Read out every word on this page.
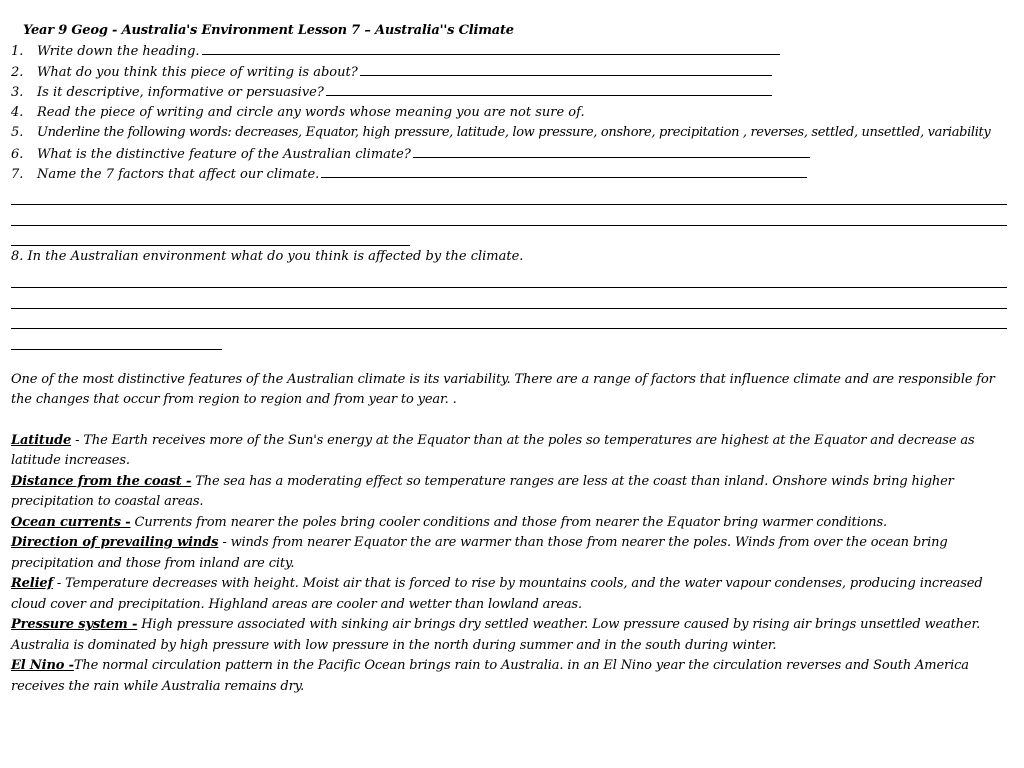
Year 9 Geog - Australia's Environment Lesson 7 – Australia''s Climate
1.	Write down the heading.
2.	What do you think this piece of writing is about?
3.	Is it descriptive, informative or persuasive?
4.	Read the piece of writing and circle any words whose meaning you are not sure of.
5.	Underline the following words: decreases, Equator, high pressure, latitude, low pressure, onshore, precipitation , reverses, settled, unsettled, variability
6.	What is the distinctive feature of the Australian climate?
7.	Name the 7 factors that affect our climate.
8. In the Australian environment what do you think is affected by the climate.

One of the most distinctive features of the Australian climate is its variability. There are a range of factors that influence climate and are responsible for the changes that occur from region to region and from year to year. .

Latitude - The Earth receives more of the Sun's energy at the Equator than at the poles so temperatures are highest at the Equator and decrease as latitude increases.

Distance from the coast - The sea has a moderating effect so temperature ranges are less at the coast than inland. Onshore winds bring higher precipitation to coastal areas.

Ocean currents - Currents from nearer the poles bring cooler conditions and those from nearer the Equator bring warmer conditions.

Direction of prevailing winds - winds from nearer Equator the are warmer than those from nearer the poles. Winds from over the ocean bring precipitation and those from inland are city.

Relief - Temperature decreases with height. Moist air that is forced to rise by mountains cools, and the water vapour condenses, producing increased cloud cover and precipitation. Highland areas are cooler and wetter than lowland areas.

Pressure system - High pressure associated with sinking air brings dry settled weather. Low pressure caused by rising air brings unsettled weather. Australia is dominated by high pressure with low pressure in the north during summer and in the south during winter.

El Nino -The normal circulation pattern in the Pacific Ocean brings rain to Australia. in an El Nino year the circulation reverses and South America receives the rain while Australia remains dry.
